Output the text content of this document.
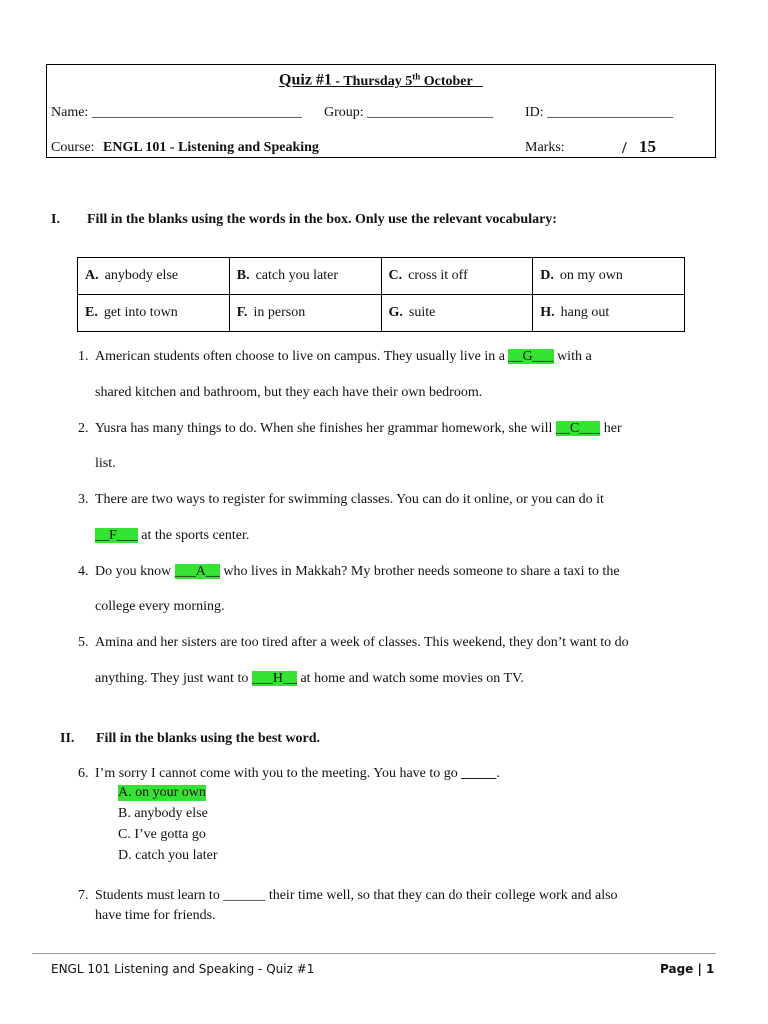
Quiz #1 - Thursday 5th October
Name: ______________________________ Group: __________________ ID: __________________
Course: ENGL 101 - Listening and Speaking	Marks:	/ 15
I. Fill in the blanks using the words in the box. Only use the relevant vocabulary:
A. anybody else	B. catch you later	C. cross it off	D. on my own
E. get into town	F. in person	G. suite	H. hang out
1. American students often choose to live on campus. They usually live in a __G___ with a
shared kitchen and bathroom, but they each have their own bedroom.
2. Yusra has many things to do. When she finishes her grammar homework, she will __C___ her
list.
3. There are two ways to register for swimming classes. You can do it online, or you can do it
__F___ at the sports center.
4. Do you know ___A__ who lives in Makkah? My brother needs someone to share a taxi to the
college every morning.
5. Amina and her sisters are too tired after a week of classes. This weekend, they don’t want to do
anything. They just want to ___H__ at home and watch some movies on TV.
II. Fill in the blanks using the best word.
6. I’m sorry I cannot come with you to the meeting. You have to go _____.
A. on your own
B. anybody else
C. I’ve gotta go
D. catch you later
7. Students must learn to ______ their time well, so that they can do their college work and also
have time for friends.
ENGL 101 Listening and Speaking - Quiz #1	Page | 1
